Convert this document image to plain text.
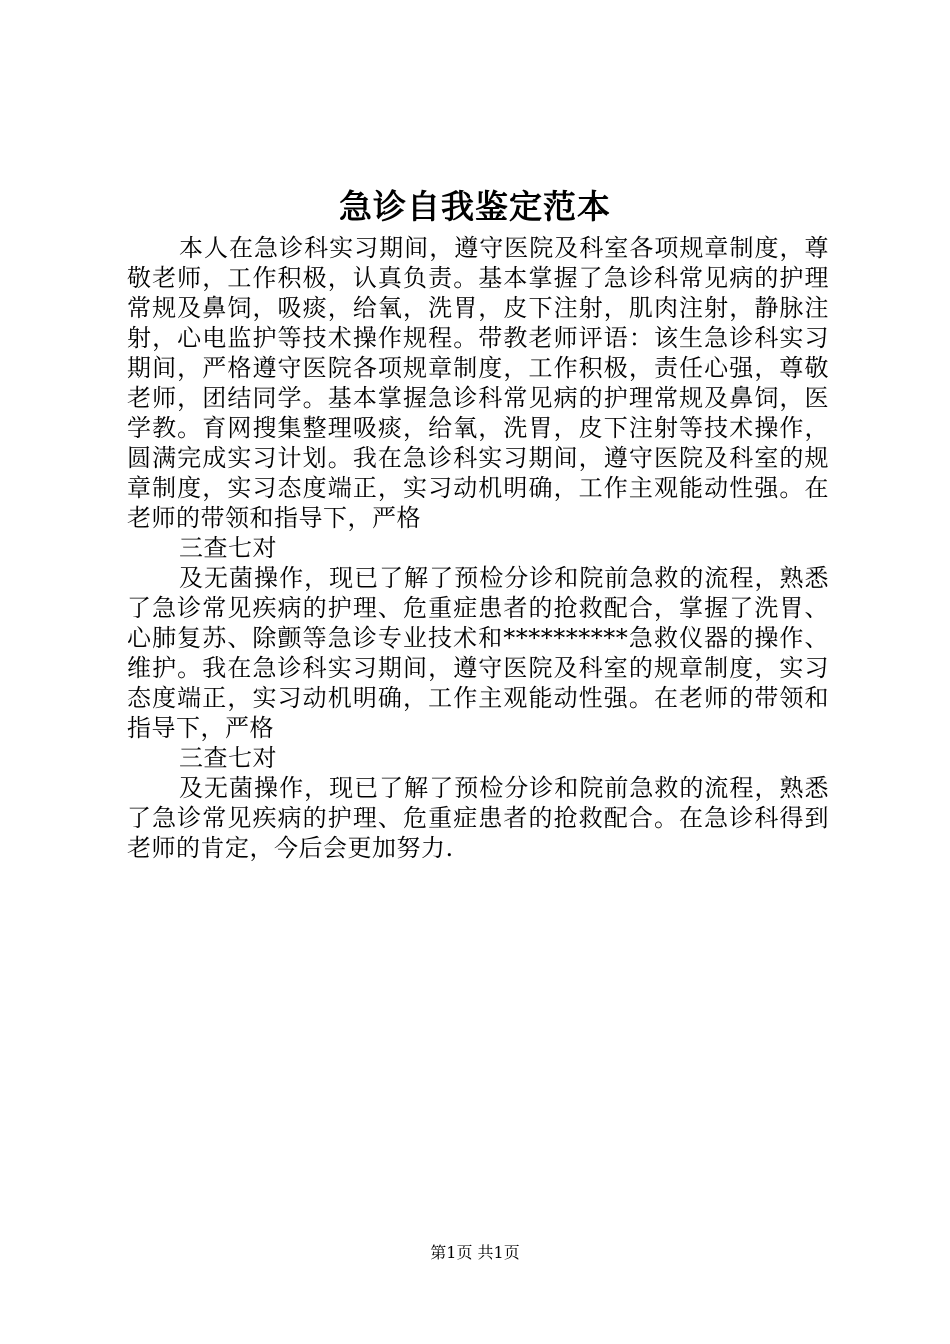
急诊自我鉴定范本

本人在急诊科实习期间，遵守医院及科室各项规章制度，尊敬老师，工作积极，认真负责。基本掌握了急诊科常见病的护理常规及鼻饲，吸痰，给氧，洗胃，皮下注射，肌肉注射，静脉注射，心电监护等技术操作规程。带教老师评语：该生急诊科实习期间，严格遵守医院各项规章制度，工作积极，责任心强，尊敬老师，团结同学。基本掌握急诊科常见病的护理常规及鼻饲，医学教。育网搜集整理吸痰，给氧，洗胃，皮下注射等技术操作，圆满完成实习计划。我在急诊科实习期间，遵守医院及科室的规章制度，实习态度端正，实习动机明确，工作主观能动性强。在老师的带领和指导下，严格

三查七对

及无菌操作，现已了解了预检分诊和院前急救的流程，熟悉了急诊常见疾病的护理、危重症患者的抢救配合，掌握了洗胃、心肺复苏、除颤等急诊专业技术和**********急救仪器的操作、维护。我在急诊科实习期间，遵守医院及科室的规章制度，实习态度端正，实习动机明确，工作主观能动性强。在老师的带领和指导下，严格

三查七对

及无菌操作，现已了解了预检分诊和院前急救的流程，熟悉了急诊常见疾病的护理、危重症患者的抢救配合。在急诊科得到老师的肯定，今后会更加努力.

第1页 共1页
